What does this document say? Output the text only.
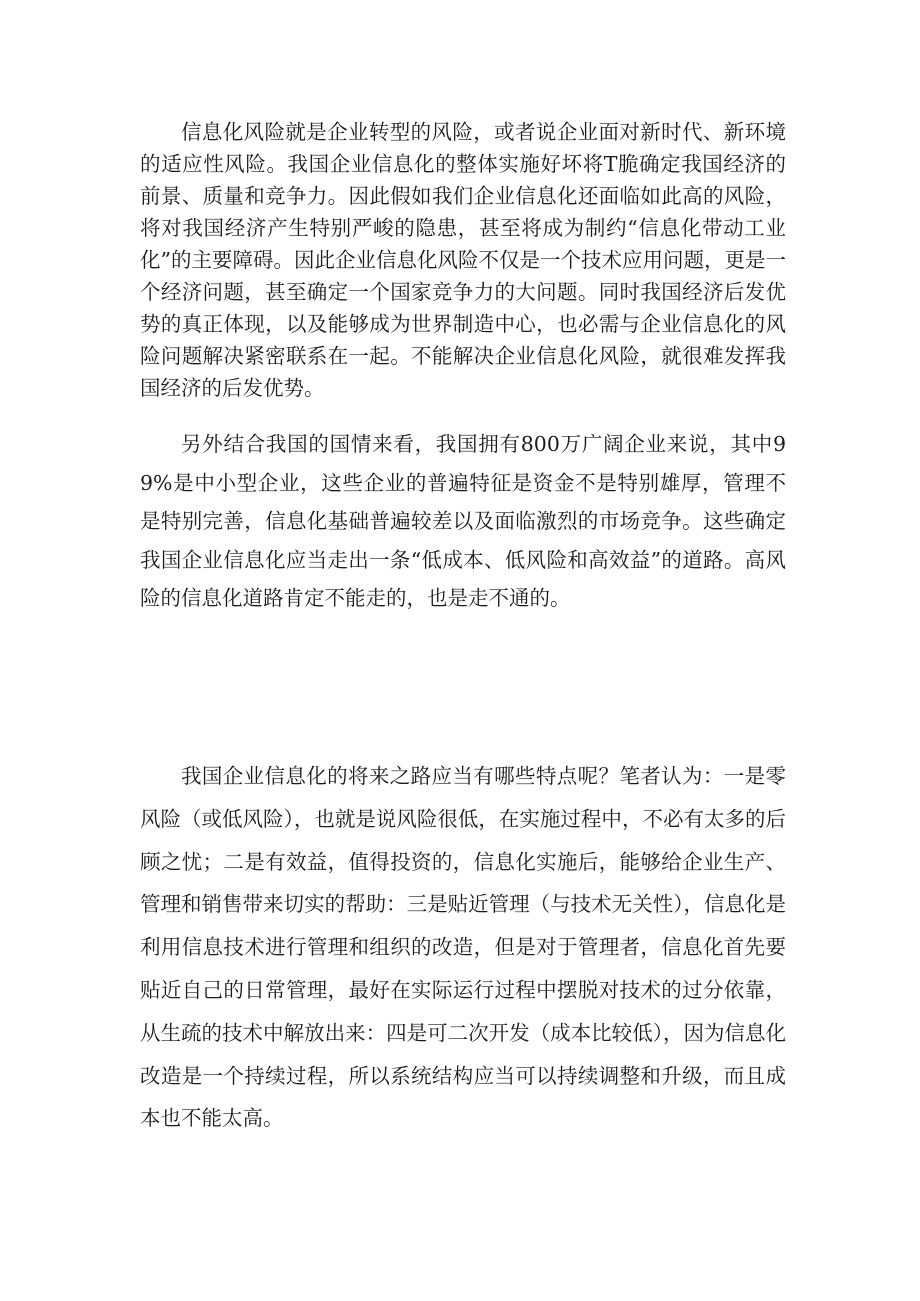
信息化风险就是企业转型的风险，或者说企业面对新时代、新环境的适应性风险。我国企业信息化的整体实施好坏将T脆确定我国经济的前景、质量和竞争力。因此假如我们企业信息化还面临如此高的风险，将对我国经济产生特别严峻的隐患，甚至将成为制约“信息化带动工业化”的主要障碍。因此企业信息化风险不仅是一个技术应用问题，更是一个经济问题，甚至确定一个国家竞争力的大问题。同时我国经济后发优势的真正体现，以及能够成为世界制造中心，也必需与企业信息化的风险问题解决紧密联系在一起。不能解决企业信息化风险，就很难发挥我国经济的后发优势。

另外结合我国的国情来看，我国拥有800万广阔企业来说，其中99%是中小型企业，这些企业的普遍特征是资金不是特别雄厚，管理不是特别完善，信息化基础普遍较差以及面临激烈的市场竞争。这些确定我国企业信息化应当走出一条“低成本、低风险和高效益”的道路。高风险的信息化道路肯定不能走的，也是走不通的。

我国企业信息化的将来之路应当有哪些特点呢？笔者认为：一是零风险（或低风险），也就是说风险很低，在实施过程中，不必有太多的后顾之忧；二是有效益，值得投资的，信息化实施后，能够给企业生产、管理和销售带来切实的帮助：三是贴近管理（与技术无关性），信息化是利用信息技术进行管理和组织的改造，但是对于管理者，信息化首先要贴近自己的日常管理，最好在实际运行过程中摆脱对技术的过分依靠，从生疏的技术中解放出来：四是可二次开发（成本比较低），因为信息化改造是一个持续过程，所以系统结构应当可以持续调整和升级，而且成本也不能太高。
